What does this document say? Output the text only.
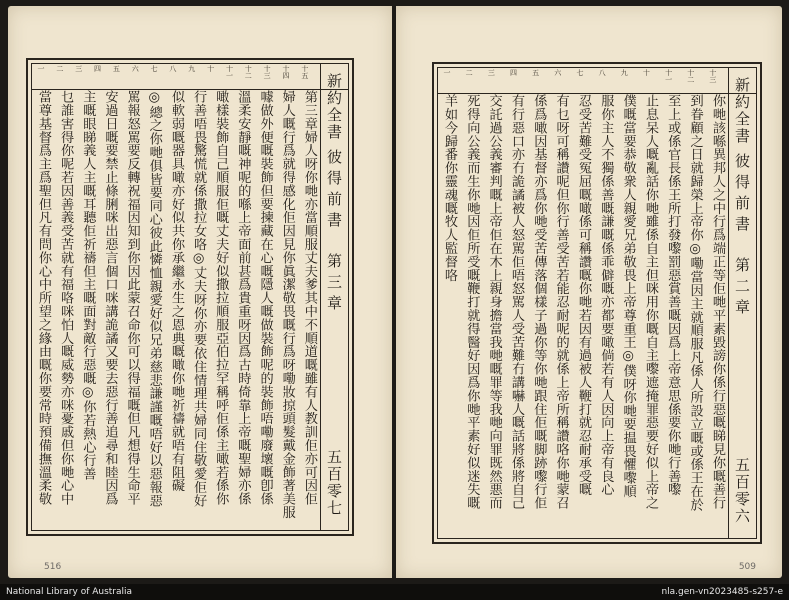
十五
十四
十三
十二
十一
十
九
八
七
六
五
四
三
二
一
新約全書
彼得前書
第三章
五百零七
第三章婦人呀你哋亦當順服丈夫爹其中不順道嘅雖有人教訓佢亦可因佢
婦人嘅行爲就得感化佢因見你眞潔敬畏嘅行爲呀嘞妝掠頭髮戴金飾著美服
噱做外便嘅裝飾但要揀藏在心嘅隱人嘅做裝飾呢的裝飾唔嘞廢壞嘅卽係
溫柔安靜嘅神呢的喺上帝面前甚爲貴重呀因爲古時倚靠上帝嘅聖婦亦係
噉樣裝飾自己順服佢嘅丈夫好似撒拉順服亞伯拉罕稱呼佢係主噉若係你
行善唔畏驚慌就係撒拉女咯◎丈夫呀你亦要依住情理共婦同住敬愛佢好
似軟弱嘅器具噉亦好似共你承繼永生之恩典嘅噉你哋祈禱就唔有阻礙
◎總之你哋俱皆要同心彼此憐恤親愛好似兄弟慈悲謙謹嘅唔好以惡報惡
罵報怒罵要反轉祝福因知到你因此蒙召命你可以得福嘅但凡想得生命平
安過日嘅要禁止條脷咪出惡言個口咪講詭譎又要去惡行善追尋和睦因爲
主嘅眼睇義人主嘅耳聽佢祈禱但主嘅面對敵行惡嘅◎你若熱心行善
乜誰害得你呢若因善義受苦就有福咯咪怕人嘅威勢亦咪憂戚但你哋心中
當尊基督爲主爲聖但凡有問你心中所望之緣由嘅你要常時預備撫溫柔敬
516
十三
十二
十一
十
九
八
七
六
五
四
三
二
一
新約全書
彼得前書
第二章
五百零六
你哋該喺異邦人之中行爲端正等佢哋平素毀謗你係行惡嘅睇見你嘅善行
到眷顧之日就歸榮上帝你◎嘞當因主就順服凡係人所設立嘅或係王在於
至上或係官長係王所打發嚟罰惡賞善嘅因爲上帝意思係要你哋行善嚟
止息呆人嘅亂話你哋雖係自主但咪用你嘅自主嚟遮掩罪惡要好似上帝之
僕嘅當要恭敬衆人親愛兄弟敬畏上帝尊重王◎僕呀你哋要揾畏懼嚟順
服你主人不獨係善嘅謙嘅係乖僻嘅亦都要噉倘若有人因向上帝有良心
忍受苦難受冤屈嘅噉係可稱讚嘅你哋若因有過被人鞭打就忍耐承受嘅
有乜呀可稱讚呢但你行善受苦若能忍耐呢的就係上帝所稱讚咯你哋蒙召
係爲噉因基督亦爲你哋受苦傳落個樣子過你等你哋跟住佢嘅脚跡嚟行佢
有行惡口亦冇詭譎被人怒駡佢唔怒駡人受苦難冇講嚇人嘅話將係將自己
交託過公義審判嘅上帝佢在木上親身擔當我哋嘅罪等我哋向罪既然悪而
死得向公義而生你哋因佢所受嘅鞭打就得醫好因爲你哋平素好似迷失嘅
羊如今歸番你靈魂嘅牧人監督咯
509
National Library of Australia	nla.gen-vn2023485-s257-e
